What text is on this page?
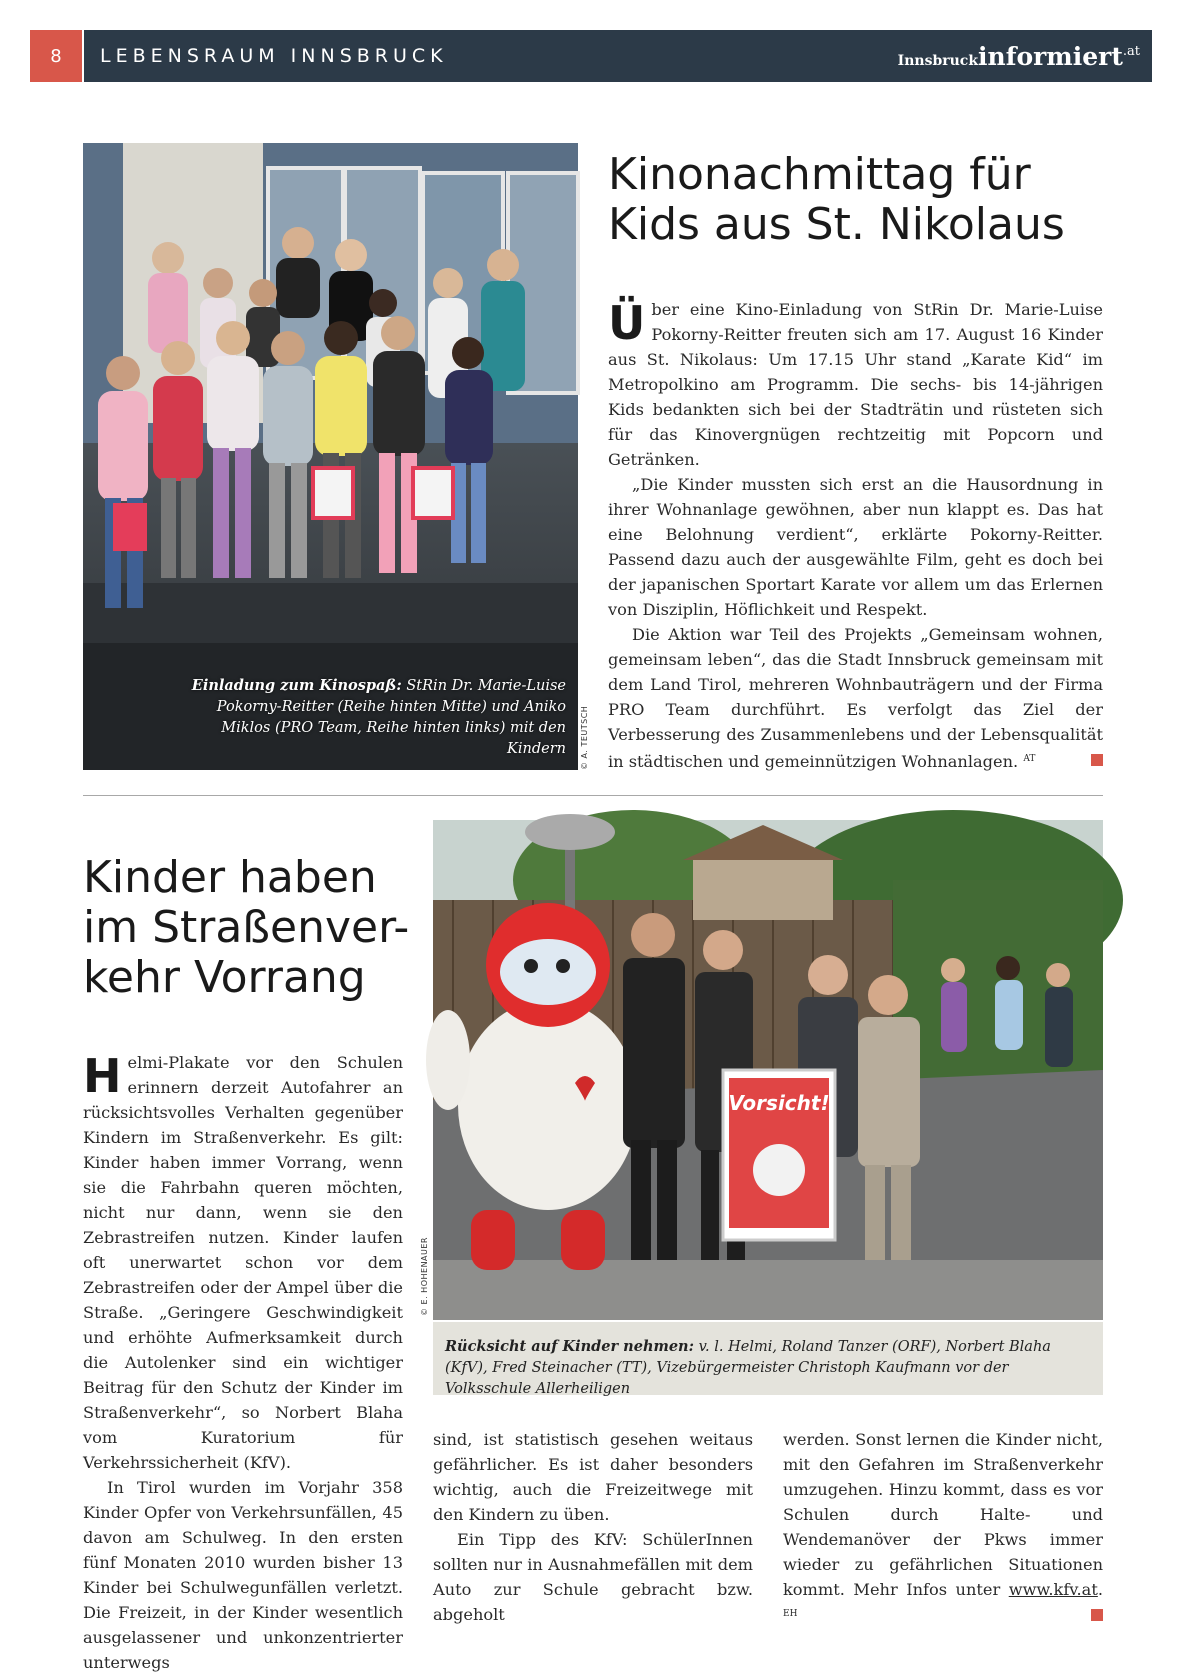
8	LEBENSRAUM INNSBRUCK	Innsbruckinformiert$^{.at}$
Einladung zum Kinospaß: StRin Dr. Marie-Luise Pokorny-Reitter (Reihe hinten Mitte) und Aniko Miklos (PRO Team, Reihe hinten links) mit den Kindern © A. TEUTSCH
Kinonachmittag für
Kids aus St. Nikolaus

Über eine Kino-Einladung von StRin Dr. Marie-Luise Pokorny-Reitter freuten sich am 17. August 16 Kinder aus St. Nikolaus: Um 17.15 Uhr stand „Karate Kid“ im Metropolkino am Programm. Die sechs- bis 14-jährigen Kids bedankten sich bei der Stadträtin und rüsteten sich für das Kinovergnügen rechtzeitig mit Popcorn und Getränken.

„Die Kinder mussten sich erst an die Hausordnung in ihrer Wohnanlage gewöhnen, aber nun klappt es. Das hat eine Belohnung verdient“, erklärte Pokorny-Reitter. Passend dazu auch der ausgewählte Film, geht es doch bei der japanischen Sportart Karate vor allem um das Erlernen von Disziplin, Höflichkeit und Respekt.

Die Aktion war Teil des Projekts „Gemeinsam wohnen, gemeinsam leben“, das die Stadt Innsbruck gemeinsam mit dem Land Tirol, mehreren Wohnbauträgern und der Firma PRO Team durchführt. Es verfolgt das Ziel der Verbesserung des Zusammenlebens und der Lebensqualität in städtischen und gemeinnützigen Wohnanlagen. $^{AT}$

Kinder haben
im Straßenver-
kehr Vorrang
Vorsicht!
© E. HOHENAUER
Rücksicht auf Kinder nehmen: v. l. Helmi, Roland Tanzer (ORF), Norbert Blaha (KfV), Fred Steinacher (TT), Vizebürgermeister Christoph Kaufmann vor der Volksschule Allerheiligen

Helmi-Plakate vor den Schulen erinnern derzeit Autofahrer an rücksichtsvolles Verhalten gegenüber Kindern im Straßenverkehr. Es gilt: Kinder haben immer Vorrang, wenn sie die Fahrbahn queren möchten, nicht nur dann, wenn sie den Zebrastreifen nutzen. Kinder laufen oft unerwartet schon vor dem Zebrastreifen oder der Ampel über die Straße. „Geringere Geschwindigkeit und erhöhte Aufmerksamkeit durch die Autolenker sind ein wichtiger Beitrag für den Schutz der Kinder im Straßenverkehr“, so Norbert Blaha vom Kuratorium für Verkehrssicherheit (KfV).

In Tirol wurden im Vorjahr 358 Kinder Opfer von Verkehrsunfällen, 45 davon am Schulweg. In den ersten fünf Monaten 2010 wurden bisher 13 Kinder bei Schulwegunfällen verletzt. Die Freizeit, in der Kinder wesentlich ausgelassener und unkonzentrierter unterwegs

sind, ist statistisch gesehen weitaus gefährlicher. Es ist daher besonders wichtig, auch die Freizeitwege mit den Kindern zu üben.

Ein Tipp des KfV: SchülerInnen sollten nur in Ausnahmefällen mit dem Auto zur Schule gebracht bzw. abgeholt

werden. Sonst lernen die Kinder nicht, mit den Gefahren im Straßenverkehr umzugehen. Hinzu kommt, dass es vor Schulen durch Halte- und Wendemanöver der Pkws immer wieder zu gefährlichen Situationen kommt. Mehr Infos unter www.kfv.at. $^{EH}$
